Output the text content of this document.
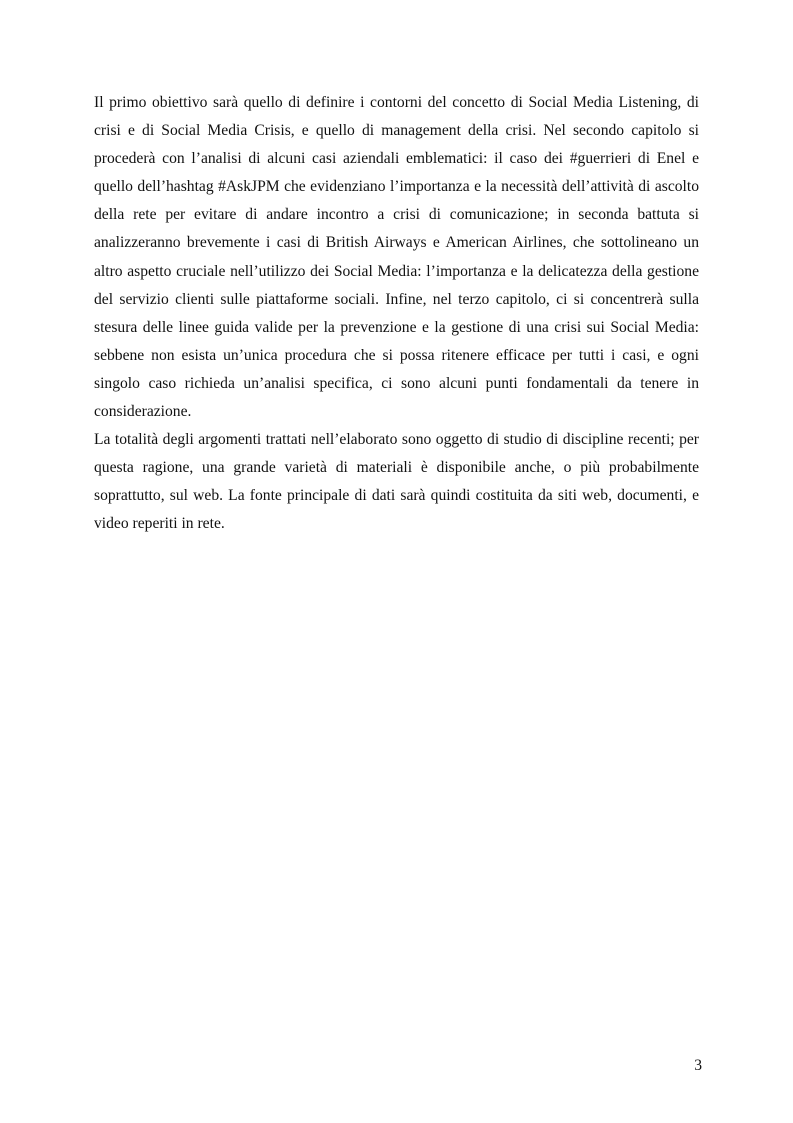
Il primo obiettivo sarà quello di definire i contorni del concetto di Social Media Listening, di crisi e di Social Media Crisis, e quello di management della crisi. Nel secondo capitolo si procederà con l’analisi di alcuni casi aziendali emblematici: il caso dei #guerrieri di Enel e quello dell’hashtag #AskJPM che evidenziano l’importanza e la necessità dell’attività di ascolto della rete per evitare di andare incontro a crisi di comunicazione; in seconda battuta si analizzeranno brevemente i casi di British Airways e American Airlines, che sottolineano un altro aspetto cruciale nell’utilizzo dei Social Media: l’importanza e la delicatezza della gestione del servizio clienti sulle piattaforme sociali. Infine, nel terzo capitolo, ci si concentrerà sulla stesura delle linee guida valide per la prevenzione e la gestione di una crisi sui Social Media: sebbene non esista un’unica procedura che si possa ritenere efficace per tutti i casi, e ogni singolo caso richieda un’analisi specifica, ci sono alcuni punti fondamentali da tenere in considerazione.

La totalità degli argomenti trattati nell’elaborato sono oggetto di studio di discipline recenti; per questa ragione, una grande varietà di materiali è disponibile anche, o più probabilmente soprattutto, sul web. La fonte principale di dati sarà quindi costituita da siti web, documenti, e video reperiti in rete.

3
